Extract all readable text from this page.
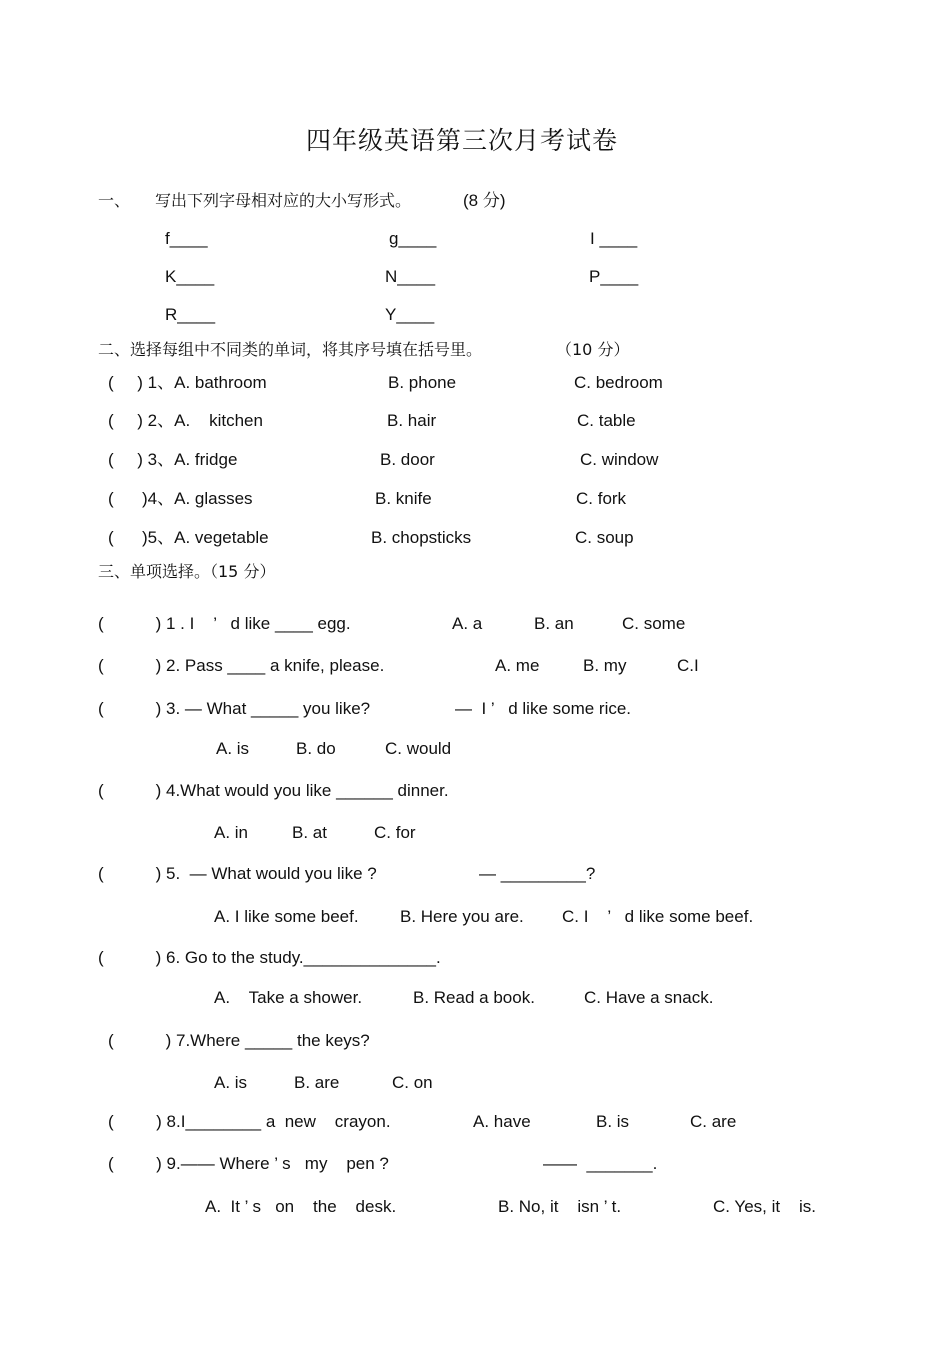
四年级英语第三次月考试卷
一、 写出下列字母相对应的大小写形式。	(8 分)
f____	g____	I ____
K____	N____	P____
R____	Y____
二、选择每组中不同类的单词，将其序号填在括号里。	（10 分）
(     ) 1、A. bathroom	B. phone	C. bedroom
(     ) 2、A.    kitchen	B. hair	C. table
(     ) 3、A. fridge	B. door	C. window
(      )4、A. glasses	B. knife	C. fork
(      )5、A. vegetable	B. chopsticks	C. soup
三、单项选择。（15 分）
(           ) 1 . I    ’   d like ____ egg.	A. a	B. an	C. some
(           ) 2. Pass ____ a knife, please.	A. me	B. my	C.I
(           ) 3. — What _____ you like?	—  I ’   d like some rice.
A. is	B. do	C. would
(           ) 4.What would you like ______ dinner.
A. in	B. at	C. for
(           ) 5.  — What would you like ?	— _________?
A. I like some beef. B. Here you are. C. I    ’   d like some beef.
(           ) 6. Go to the study.______________.
A.    Take a shower.	B. Read a book.	C. Have a snack.
(           ) 7.Where _____ the keys?
A. is	B. are	C. on
(         ) 8.I________ a  new    crayon.	A. have	B. is	C. are
(         ) 9.—— Where ’ s   my    pen ?	——  _______.
A.  It ’ s   on    the    desk.	B. No, it    isn ’ t.	C. Yes, it    is.
